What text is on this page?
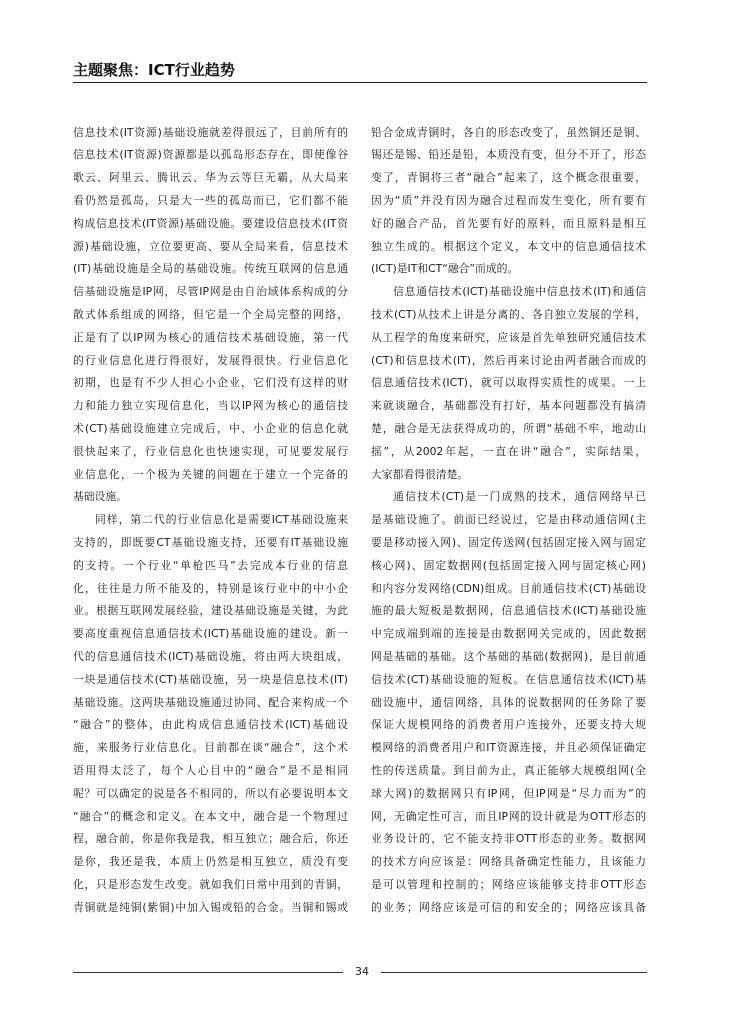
主题聚焦：ICT行业趋势
信息技术(IT资源)基础设施就差得很远了，目前所有的
信息技术(IT资源)资源都是以孤岛形态存在，即使像谷
歌云、阿里云、腾讯云、华为云等巨无霸，从大局来
看仍然是孤岛，只是大一些的孤岛而已，它们都不能
构成信息技术(IT资源)基础设施。要建设信息技术(IT资
源)基础设施，立位要更高、要从全局来看，信息技术
(IT)基础设施是全局的基础设施。传统互联网的信息通
信基础设施是IP网，尽管IP网是由自治域体系构成的分
散式体系组成的网络，但它是一个全局完整的网络，
正是有了以IP网为核心的通信技术基础设施，第一代
的行业信息化进行得很好，发展得很快。行业信息化
初期，也是有不少人担心小企业，它们没有这样的财
力和能力独立实现信息化，当以IP网为核心的通信技
术(CT)基础设施建立完成后，中、小企业的信息化就
很快起来了，行业信息化也快速实现，可见要发展行
业信息化，一个极为关键的问题在于建立一个完备的
基础设施。
同样，第二代的行业信息化是需要ICT基础设施来
支持的，即既要CT基础设施支持，还要有IT基础设施
的支持。一个行业“单枪匹马”去完成本行业的信息
化，往往是力所不能及的，特别是该行业中的中小企
业。根据互联网发展经验，建设基础设施是关键，为此
要高度重视信息通信技术(ICT)基础设施的建设。新一
代的信息通信技术(ICT)基础设施，将由两大块组成，
一块是通信技术(CT)基础设施，另一块是信息技术(IT)
基础设施。这两块基础设施通过协同、配合来构成一个
“融合”的整体，由此构成信息通信技术(ICT)基础设
施，来服务行业信息化。目前都在谈“融合”，这个术
语用得太泛了，每个人心目中的“融合”是不是相同
呢？可以确定的说是各不相同的，所以有必要说明本文
“融合”的概念和定义。在本文中，融合是一个物理过
程，融合前，你是你我是我，相互独立；融合后，你还
是你，我还是我，本质上仍然是相互独立，质没有变
化，只是形态发生改变。就如我们日常中用到的青铜，
青铜就是纯铜(紫铜)中加入锡或铅的合金。当铜和锡或
铅合金成青铜时，各自的形态改变了，虽然铜还是铜、
锡还是锡、铅还是铅，本质没有变，但分不开了，形态
变了，青铜将三者“融合”起来了，这个概念很重要，
因为“质”并没有因为融合过程而发生变化，所有要有
好的融合产品，首先要有好的原料，而且原料是相互
独立生成的。根据这个定义，本文中的信息通信技术
(ICT)是IT和CT“融合”而成的。
信息通信技术(ICT)基础设施中信息技术(IT)和通信
技术(CT)从技术上讲是分离的、各自独立发展的学科，
从工程学的角度来研究，应该是首先单独研究通信技术
(CT)和信息技术(IT)，然后再来讨论由两者融合而成的
信息通信技术(ICT)，就可以取得实质性的成果。一上
来就谈融合，基础都没有打好，基本问题都没有搞清
楚，融合是无法获得成功的，所谓“基础不牢，地动山
摇”，从2002年起，一直在讲“融合”，实际结果，
大家都看得很清楚。
通信技术(CT)是一门成熟的技术，通信网络早已
是基础设施了。前面已经说过，它是由移动通信网(主
要是移动接入网)、固定传送网(包括固定接入网与固定
核心网)、固定数据网(包括固定接入网与固定核心网)
和内容分发网络(CDN)组成。目前通信技术(CT)基础设
施的最大短板是数据网，信息通信技术(ICT)基础设施
中完成端到端的连接是由数据网关完成的，因此数据
网是基础的基础。这个基础的基础(数据网)，是目前通
信技术(CT)基础设施的短板。在信息通信技术(ICT)基
础设施中，通信网络，具体的说数据网的任务除了要
保证大规模网络的消费者用户连接外，还要支持大规
模网络的消费者用户和IT资源连接，并且必须保证确定
性的传送质量。到目前为止，真正能够大规模组网(全
球大网)的数据网只有IP网，但IP网是“尽力而为”的
网，无确定性可言，而且IP网的设计就是为OTT形态的
业务设计的，它不能支持非OTT形态的业务。数据网
的技术方向应该是：网络具备确定性能力，且该能力
是可以管理和控制的；网络应该能够支持非OTT形态
的业务；网络应该是可信的和安全的；网络应该具备
34
